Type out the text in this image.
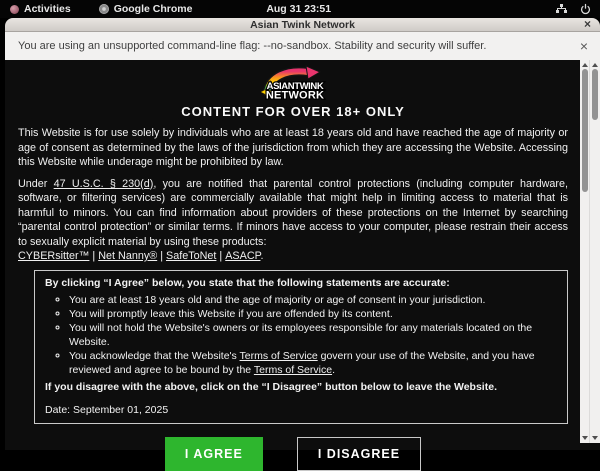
Activities	Google Chrome	Aug 31 23:51
Asian Twink Network	×
You are using an unsupported command-line flag: --no-sandbox. Stability and security will suffer.	×
ASIANTWINK
NETWORK
CONTENT FOR OVER 18+ ONLY

This Website is for use solely by individuals who are at least 18 years old and have reached the age of majority or age of consent as determined by the laws of the jurisdiction from which they are accessing the Website. Accessing this Website while underage might be prohibited by law.

Under 47 U.S.C. § 230(d), you are notified that parental control protections (including computer hardware, software, or filtering services) are commercially available that might help in limiting access to material that is harmful to minors. You can find information about providers of these protections on the Internet by searching “parental control protection” or similar terms. If minors have access to your computer, please restrain their access to sexually explicit material by using these products:

CYBERsitter™ | Net Nanny® | SafeToNet | ASACP.
By clicking “I Agree” below, you state that the following statements are accurate:
◦ You are at least 18 years old and the age of majority or age of consent in your jurisdiction.
◦ You will promptly leave this Website if you are offended by its content.
◦ You will not hold the Website's owners or its employees responsible for any materials located on the Website.
◦ You acknowledge that the Website's Terms of Service govern your use of the Website, and you have reviewed and agree to be bound by the Terms of Service.
If you disagree with the above, click on the “I Disagree” button below to leave the Website.
Date: September 01, 2025
I AGREE	I DISAGREE
